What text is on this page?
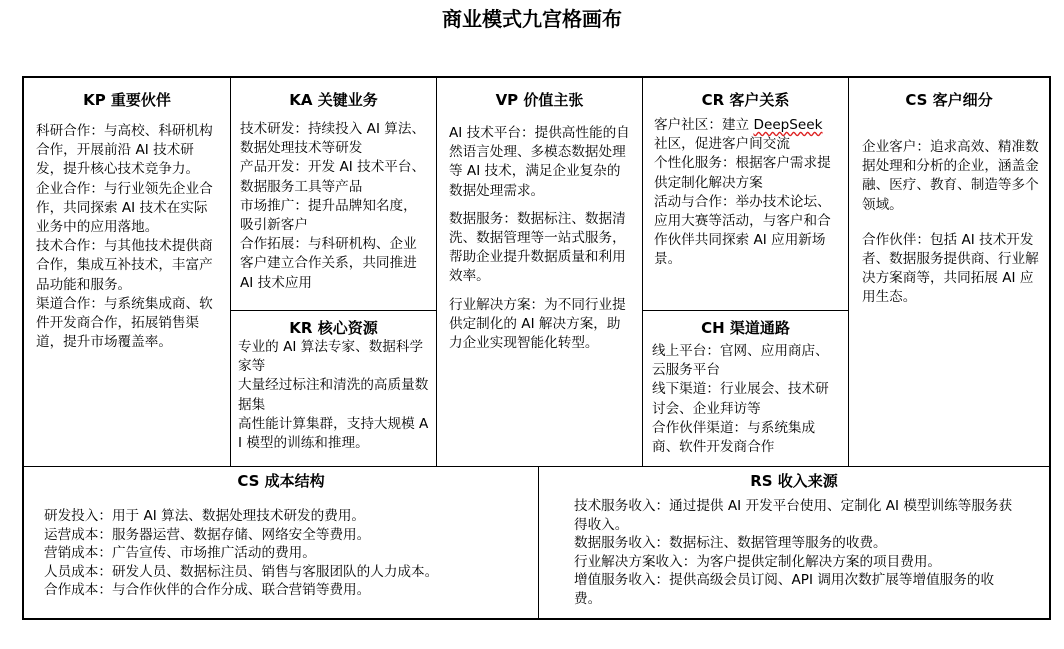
商业模式九宫格画布
KP 重要伙伴

科研合作：与高校、科研机构合作，开展前沿 AI 技术研发，提升核心技术竞争力。

企业合作：与行业领先企业合作，共同探索 AI 技术在实际业务中的应用落地。

技术合作：与其他技术提供商合作，集成互补技术，丰富产品功能和服务。

渠道合作：与系统集成商、软件开发商合作，拓展销售渠道，提升市场覆盖率。

KA 关键业务

技术研发：持续投入 AI 算法、数据处理技术等研发

产品开发：开发 AI 技术平台、数据服务工具等产品

市场推广：提升品牌知名度，吸引新客户

合作拓展：与科研机构、企业客户建立合作关系，共同推进 AI 技术应用

KR 核心资源

专业的 AI 算法专家、数据科学家等

大量经过标注和清洗的高质量数据集

高性能计算集群，支持大规模 AI 模型的训练和推理。

VP 价值主张

AI 技术平台：提供高性能的自然语言处理、多模态数据处理等 AI 技术，满足企业复杂的数据处理需求。

数据服务：数据标注、数据清洗、数据管理等一站式服务，帮助企业提升数据质量和利用效率。

行业解决方案：为不同行业提供定制化的 AI 解决方案，助力企业实现智能化转型。

CR 客户关系

客户社区：建立 DeepSeek 社区，促进客户间交流

个性化服务：根据客户需求提供定制化解决方案

活动与合作：举办技术论坛、应用大赛等活动，与客户和合作伙伴共同探索 AI 应用新场景。

CH 渠道通路

线上平台：官网、应用商店、云服务平台

线下渠道：行业展会、技术研讨会、企业拜访等

合作伙伴渠道：与系统集成商、软件开发商合作

CS 客户细分

企业客户：追求高效、精准数据处理和分析的企业，涵盖金融、医疗、教育、制造等多个领域。

合作伙伴：包括 AI 技术开发者、数据服务提供商、行业解决方案商等，共同拓展 AI 应用生态。

CS 成本结构

研发投入：用于 AI 算法、数据处理技术研发的费用。

运营成本：服务器运营、数据存储、网络安全等费用。

营销成本：广告宣传、市场推广活动的费用。

人员成本：研发人员、数据标注员、销售与客服团队的人力成本。

合作成本：与合作伙伴的合作分成、联合营销等费用。

RS 收入来源

技术服务收入：通过提供 AI 开发平台使用、定制化 AI 模型训练等服务获得收入。

数据服务收入：数据标注、数据管理等服务的收费。

行业解决方案收入：为客户提供定制化解决方案的项目费用。

增值服务收入：提供高级会员订阅、API 调用次数扩展等增值服务的收费。
